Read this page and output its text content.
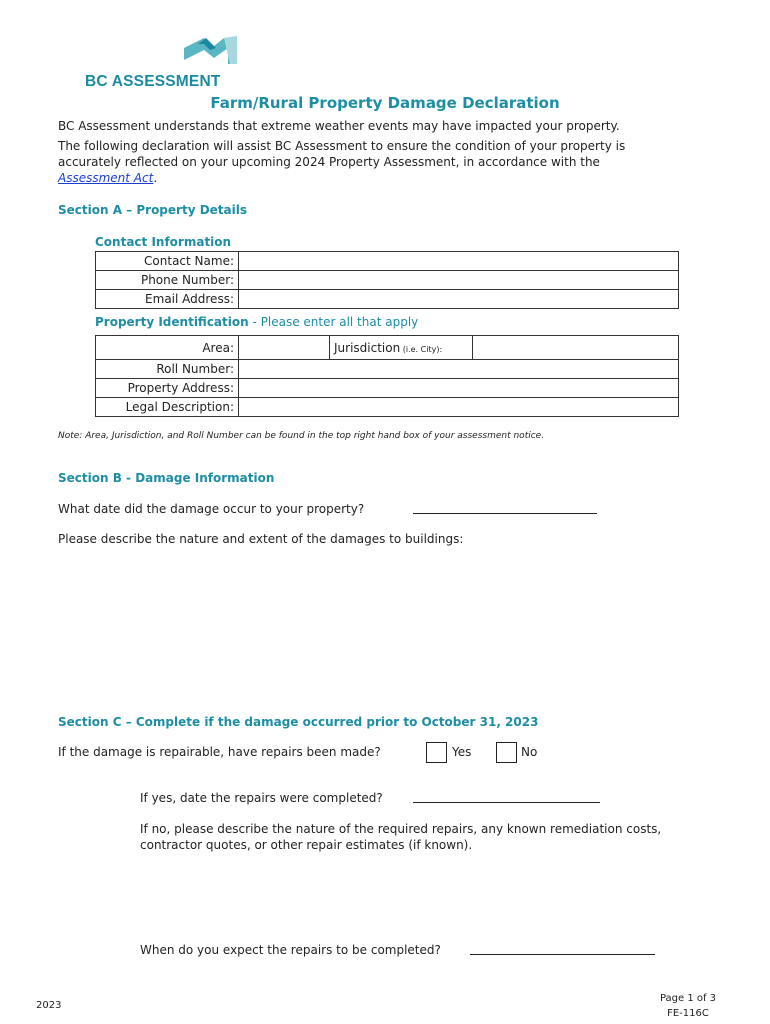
BC ASSESSMENT
Farm/Rural Property Damage Declaration
BC Assessment understands that extreme weather events may have impacted your property.
The following declaration will assist BC Assessment to ensure the condition of your property is
accurately reflected on your upcoming 2024 Property Assessment, in accordance with the
Assessment Act.
Section A – Property Details
Contact Information
Contact Name:	
Phone Number:	
Email Address:	
Property Identification - Please enter all that apply
Area:		Jurisdiction (i.e. City):	
Roll Number:			
Property Address:			
Legal Description:			
Note: Area, Jurisdiction, and Roll Number can be found in the top right hand box of your assessment notice.
Section B - Damage Information
What date did the damage occur to your property?
Please describe the nature and extent of the damages to buildings:
Section C – Complete if the damage occurred prior to October 31, 2023
If the damage is repairable, have repairs been made?	Yes	No
If yes, date the repairs were completed?
If no, please describe the nature of the required repairs, any known remediation costs,
contractor quotes, or other repair estimates (if known).
When do you expect the repairs to be completed?
2023
Page 1 of 3
FE-116C
